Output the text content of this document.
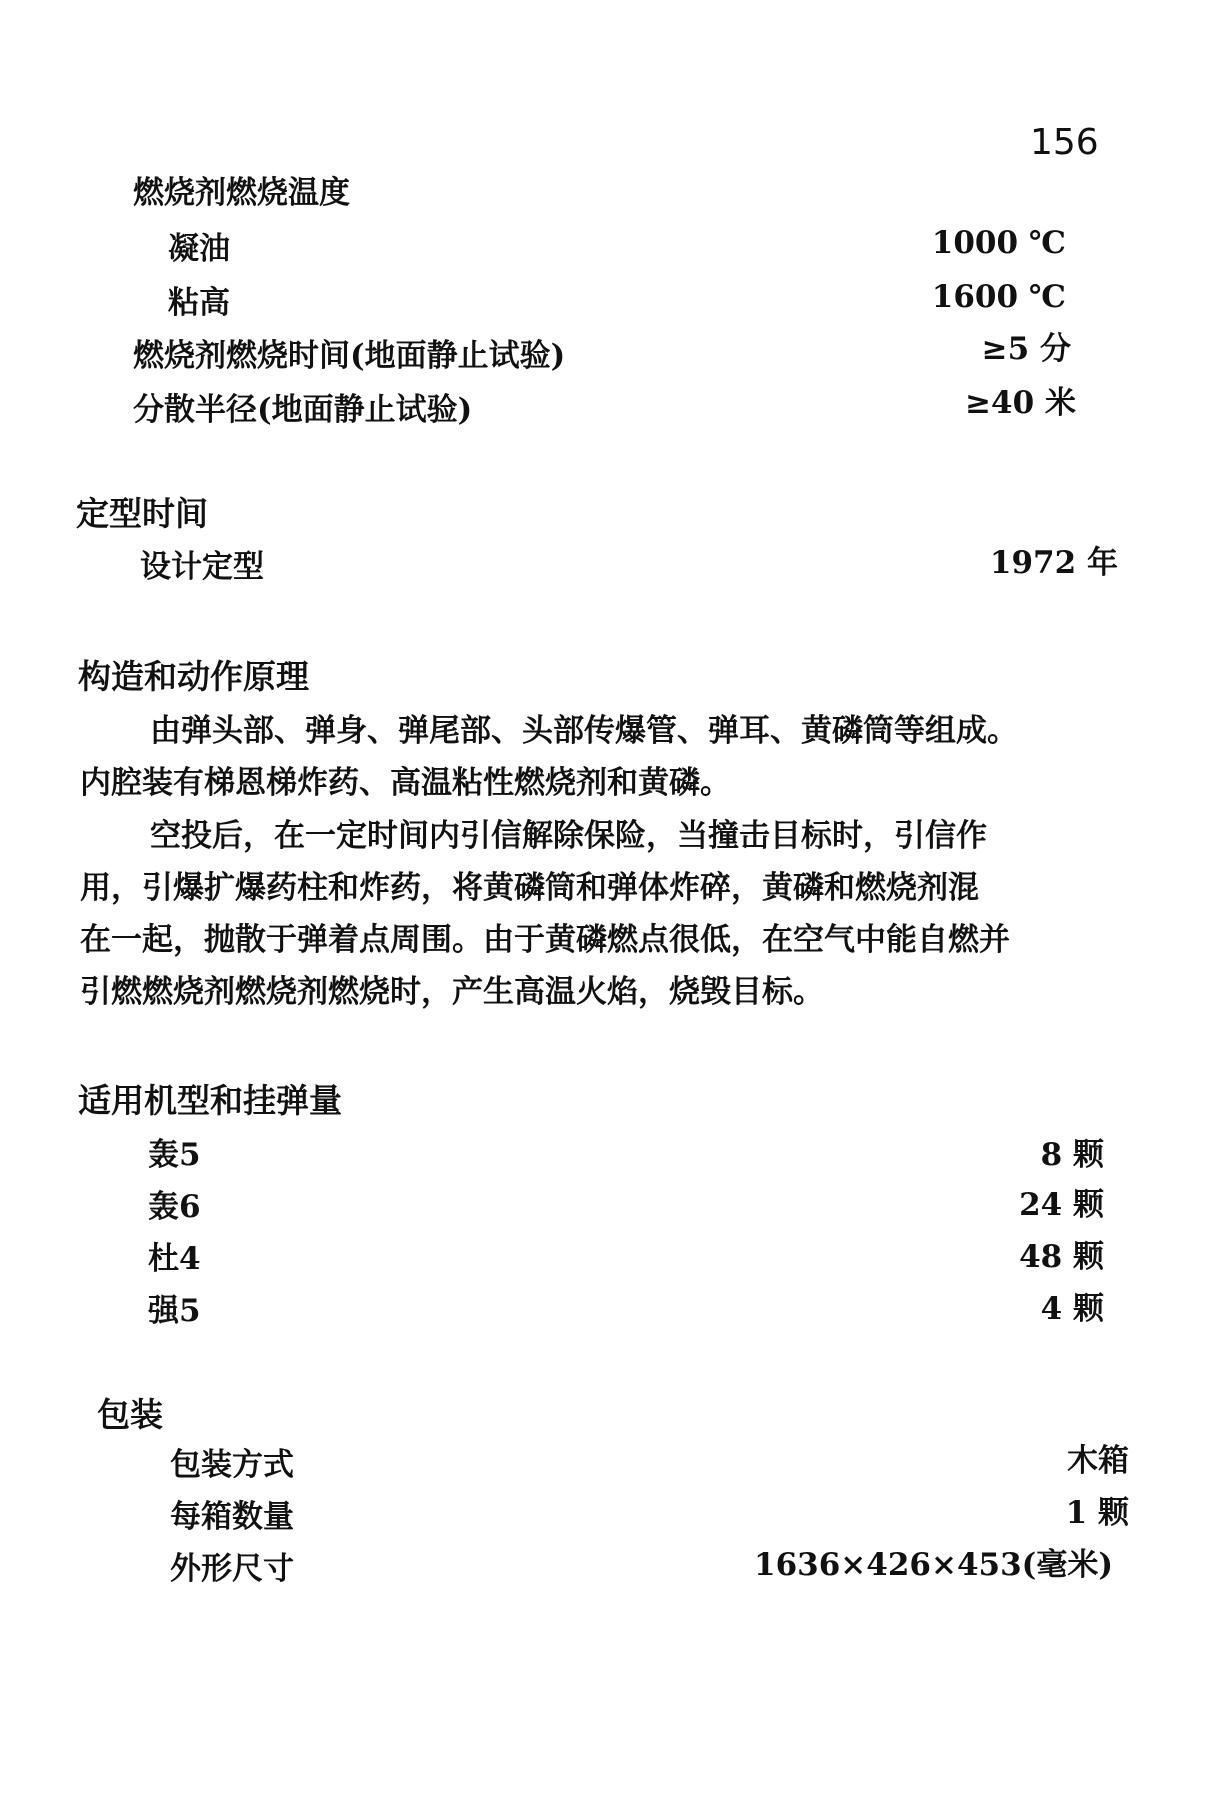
156
燃烧剂燃烧温度
凝油	1000 ℃
粘高	1600 ℃
燃烧剂燃烧时间(地面静止试验)	≥5 分
分散半径(地面静止试验)	≥40 米
定型时间
设计定型	1972 年
构造和动作原理
由弹头部、弹身、弹尾部、头部传爆管、弹耳、黄磷筒等组成。
内腔装有梯恩梯炸药、高温粘性燃烧剂和黄磷。
空投后，在一定时间内引信解除保险，当撞击目标时，引信作
用，引爆扩爆药柱和炸药，将黄磷筒和弹体炸碎，黄磷和燃烧剂混
在一起，抛散于弹着点周围。由于黄磷燃点很低，在空气中能自燃并
引燃燃烧剂燃烧剂燃烧时，产生高温火焰，烧毁目标。
适用机型和挂弹量
轰5	8 颗
轰6	24 颗
杜4	48 颗
强5	4 颗
包装
包装方式	木箱
每箱数量	1 颗
外形尺寸	1636×426×453(毫米)
